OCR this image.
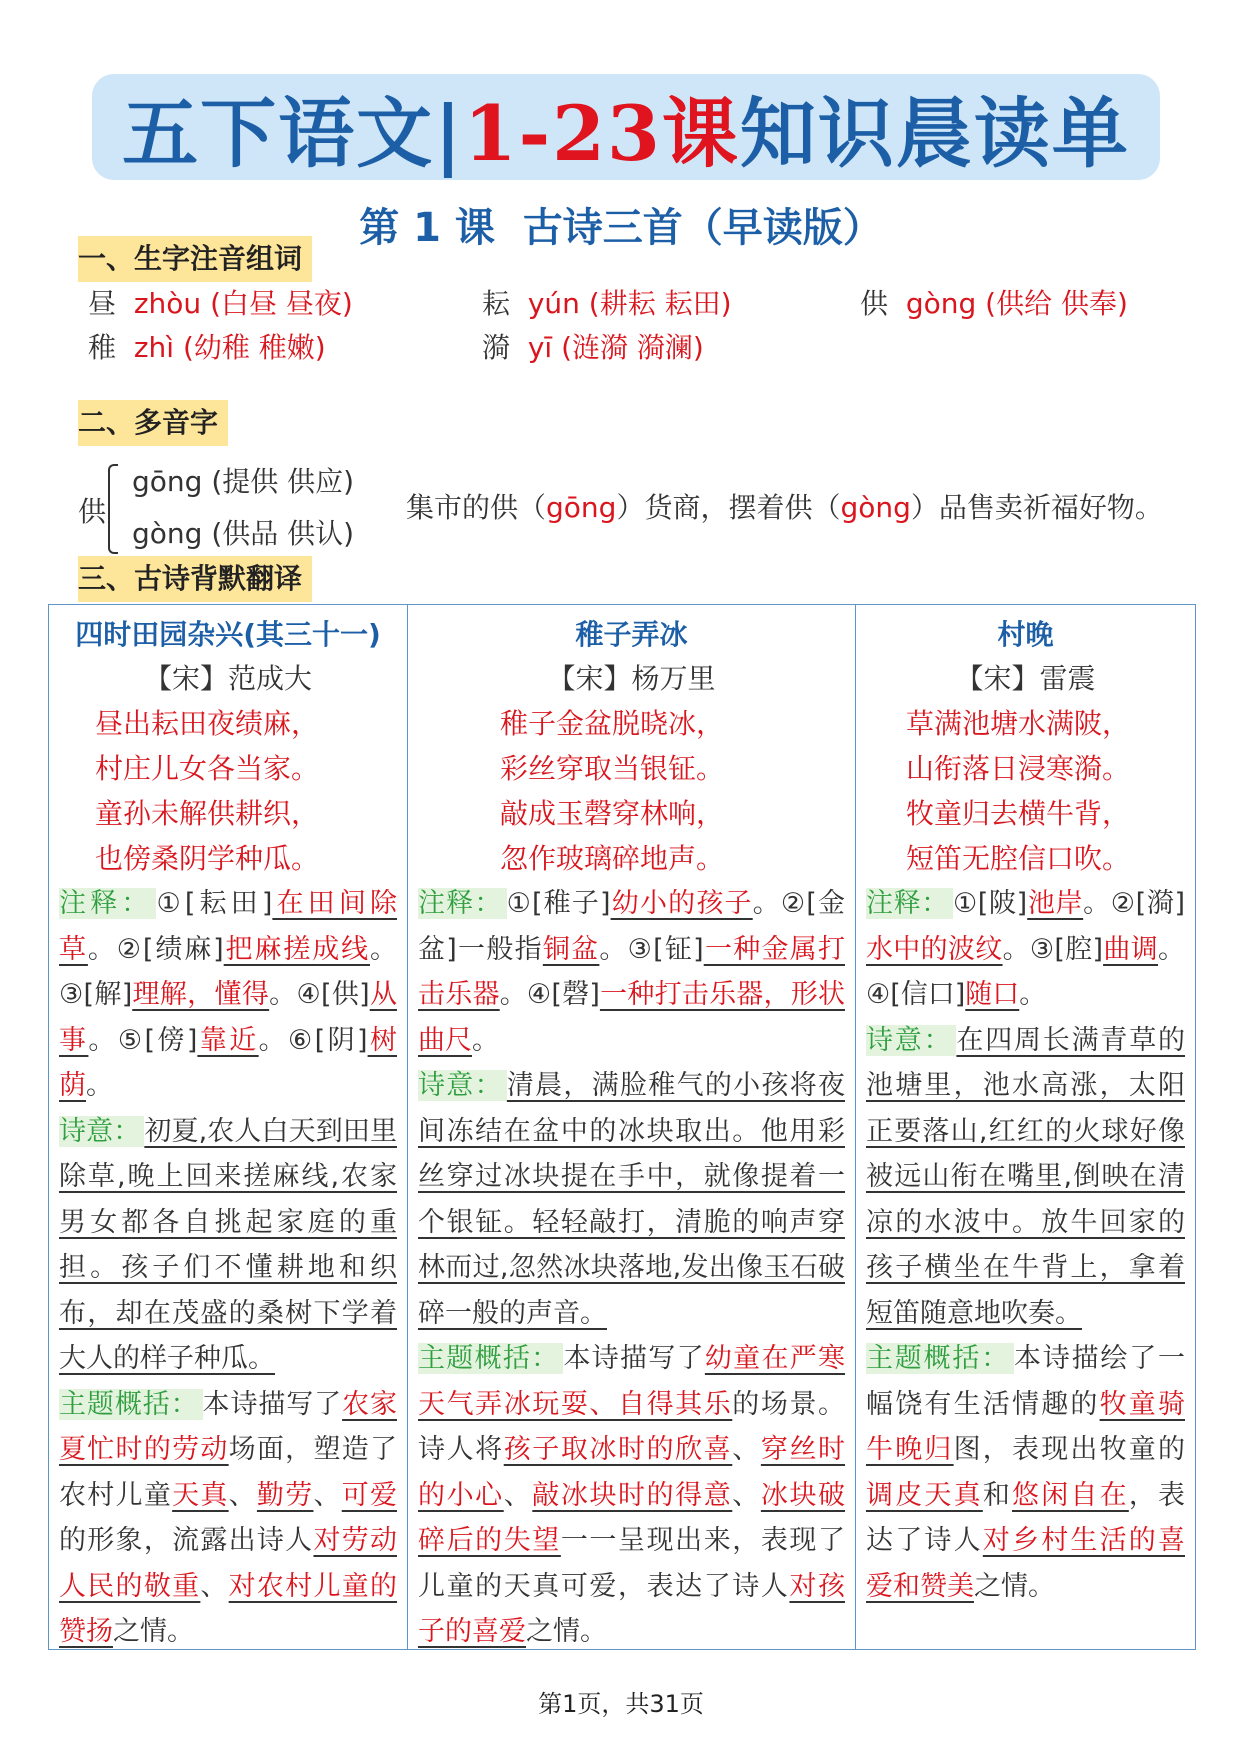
五下语文| 1-23课 知识晨读单
第 1 课  古诗三首（早读版）
一、生字注音组词
昼 zhòu (白昼 昼夜)	耘 yún (耕耘 耘田)	供 gòng (供给 供奉)
稚 zhì (幼稚 稚嫩)	漪 yī (涟漪 漪澜)
二、多音字
供
gōng (提供 供应)
gòng (供品 供认)
集市的供（gōng）货商，摆着供（gòng）品售卖祈福好物。
三、古诗背默翻译
四时田园杂兴(其三十一)
【宋】范成大
昼出耘田夜绩麻，
村庄儿女各当家。
童孙未解供耕织，
也傍桑阴学种瓜。
注释： ①[耘田]在田间除草。②[绩麻]把麻搓成线。③[解]理解，懂得。④[供]从事。⑤[傍]靠近。⑥[阴]树荫。
诗意： 初夏,农人白天到田里除草,晚上回来搓麻线,农家男女都各自挑起家庭的重担。孩子们不懂耕地和织布，却在茂盛的桑树下学着大人的样子种瓜。
主题概括： 本诗描写了农家夏忙时的劳动场面，塑造了农村儿童天真、勤劳、可爱的形象，流露出诗人对劳动人民的敬重、对农村儿童的赞扬之情。
稚子弄冰
【宋】杨万里
稚子金盆脱晓冰，
彩丝穿取当银钲。
敲成玉磬穿林响，
忽作玻璃碎地声。
注释： ①[稚子]幼小的孩子。②[金盆]一般指铜盆。③[钲]一种金属打击乐器。④[磬]一种打击乐器，形状曲尺。
诗意： 清晨，满脸稚气的小孩将夜间冻结在盆中的冰块取出。他用彩丝穿过冰块提在手中，就像提着一个银钲。轻轻敲打，清脆的响声穿林而过,忽然冰块落地,发出像玉石破碎一般的声音。
主题概括： 本诗描写了幼童在严寒天气弄冰玩耍、自得其乐的场景。诗人将孩子取冰时的欣喜、穿丝时的小心、敲冰块时的得意、冰块破碎后的失望一一呈现出来，表现了儿童的天真可爱，表达了诗人对孩子的喜爱之情。
村晚
【宋】雷震
草满池塘水满陂，
山衔落日浸寒漪。
牧童归去横牛背，
短笛无腔信口吹。
注释： ①[陂]池岸。②[漪]水中的波纹。③[腔]曲调。④[信口]随口。
诗意： 在四周长满青草的池塘里，池水高涨，太阳正要落山,红红的火球好像被远山衔在嘴里,倒映在清凉的水波中。放牛回家的孩子横坐在牛背上，拿着短笛随意地吹奏。
主题概括： 本诗描绘了一幅饶有生活情趣的牧童骑牛晚归图，表现出牧童的调皮天真和悠闲自在，表达了诗人对乡村生活的喜爱和赞美之情。
第1页，共31页
